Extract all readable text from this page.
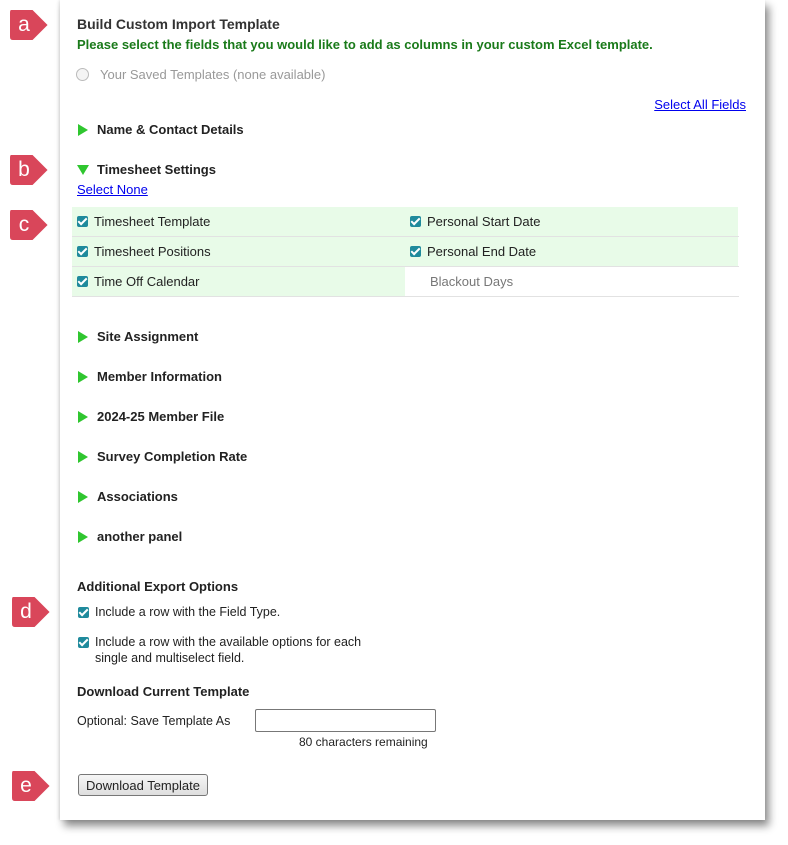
Build Custom Import Template
Please select the fields that you would like to add as columns in your custom Excel template.
Your Saved Templates (none available)
Select All Fields
Name & Contact Details
Timesheet Settings
Select None
Timesheet Template	Personal Start Date
Timesheet Positions	Personal End Date
Time Off Calendar	Blackout Days
Site Assignment
Member Information
2024-25 Member File
Survey Completion Rate
Associations
another panel
Additional Export Options
Include a row with the Field Type.
Include a row with the available options for each
single and multiselect field.
Download Current Template
Optional: Save Template As
80 characters remaining
Download Template
a
b
c
d
e
